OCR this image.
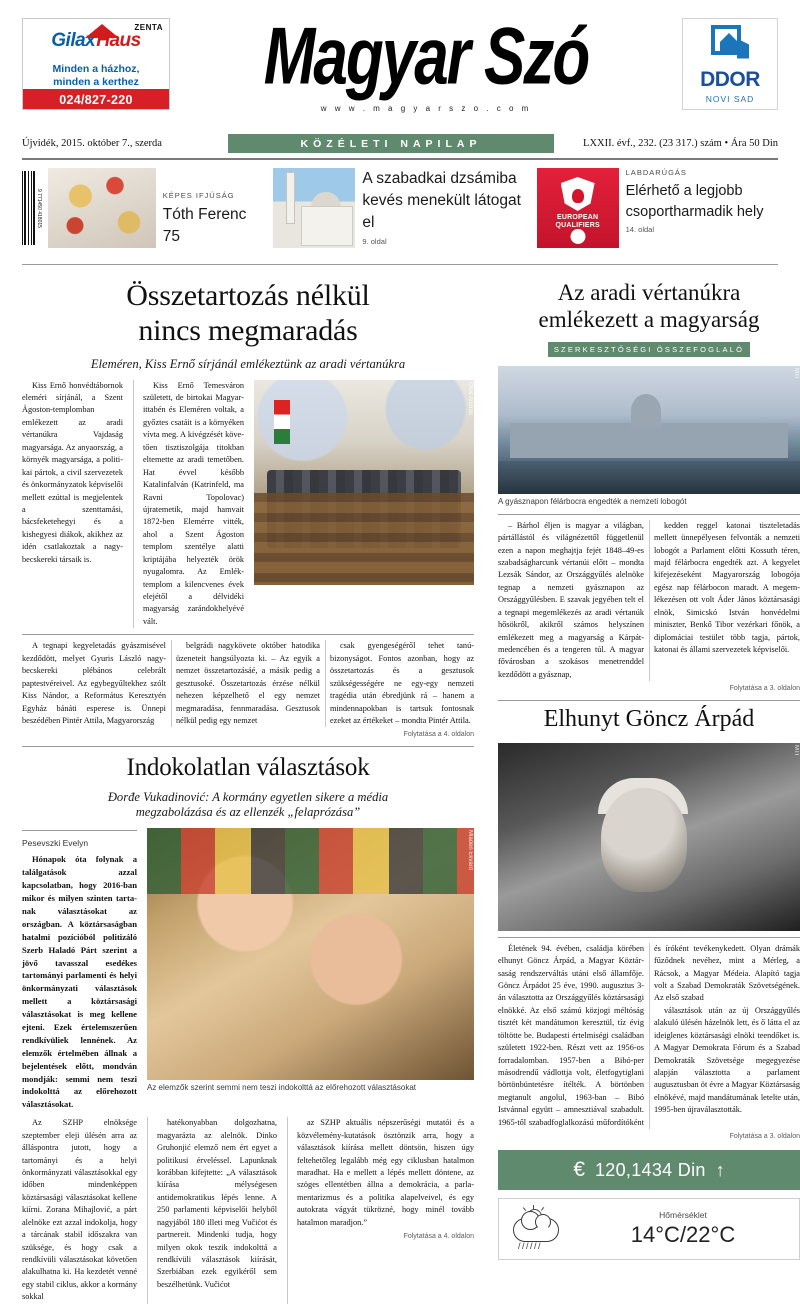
Gilax Haus
ZENTA
Minden a házhoz,
minden a kerthez
024/827-220 Magyar Szó
w w w . m a g y a r s z o . c o m
DDOR
NOVI SAD
Újvidék, 2015. október 7., szerda	KÖZÉLETI NAPILAP	LXXII. évf., 232. (23 317.) szám • Ára 50 Din
9 771450 418015	KÉPES IFJÚSÁG
Tóth Ferenc 75
A szabadkai dzsámiba kevés menekült látogat el
9. oldal
EUROPEAN
QUALIFIERS
LABDARÚGÁS
Elérhető a legjobb csoportharmadik hely
14. oldal
Összetartozás nélkül
nincs megmaradás
Eleméren, Kiss Ernő sírjánál emlékeztünk az aradi vértanúkra

Kiss Ernő honvédtábornok eleméri sírjánál, a Szent Ágoston-templomban emlékezett az aradi vértanúkra Vajdaság magyarsága. Az anyaország, a környék magyarsága, a politikai pártok, a civil szervezetek és önkormányzatok képviselői mellett ezúttal is megjelentek a szenttamási, bácsfeketehegyi és a kishegyesi diákok, akikhez az idén csatlakoztak a nagybecskereki társaik is.

Kiss Ernő Temesváron született, de birtokai Magyarittabén és Eleméren voltak, a győztes csatáit is a környéken vívta meg. A kivégzését követően tisztiszolgája titokban eltemette az aradi temetőben. Hat évvel később Katalinfalván (Katrinfeld, ma Ravni Topolovac) újratemetik, majd hamvait 1872-ben Elemérre vitték, ahol a Szent Ágoston templom szentélye alatti kriptájába helyezték örök nyugalomra. Az Emléktemplom a kilencvenes évek elejétől a délvidéki magyarság zarándokhelyévé vált.

Ótos András

A tegnapi kegyeletadás gyászmisével kezdődött, melyet Gyuris László nagybecskereki plébános celebrált paptestvéreivel. Az egybegyűltekhez szólt Kiss Nándor, a Református Keresztyén Egyház bánáti esperese is. Ünnepi beszédében Pintér Attila, Magyarország

belgrádi nagykövete október hatodika üzeneteit hangsúlyozta ki. – Az egyik a nemzet összetartozásáé, a másik pedig a gesztusoké. Összetartozás érzése nélkül nehezen képzelhető el egy nemzet megmaradása, fennmaradása. Gesztusok nélkül pedig egy nemzet

csak gyengeségéről tehet tanúbizonyságot. Fontos azonban, hogy az összetartozás és a gesztusok szükségességére ne egy-egy nemzeti tragédia után ébredjünk rá – hanem a mindennapokban is tartsuk fontosnak ezeket az értékeket – mondta Pintér Attila.

Folytatása a 4. oldalon
Indokolatlan választások
Đorđe Vukadinović: A kormány egyetlen sikere a média
megzabolázása és az ellenzék „felaprózása”
Pesevszki Evelyn

Hónapok óta folynak a találgatások azzal kapcsolatban, hogy 2016-ban mikor és milyen szinten tartanak választásokat az országban. A köztársaságban hatalmi pozícióból politizáló Szerb Haladó Párt szerint a jövő tavasszal esedékes tartományi parlamenti és helyi önkormányzati választások mellett a köztársasági választásokat is meg kellene ejteni. Ezek értelemszerűen rendkívüliek lennének. Az elemzők értelmében állnak a bejelentések előtt, mondván mondják: semmi nem teszi indokolttá az előrehozott választásokat.

Mladen Ekvard
Az elemzők szerint semmi nem teszi indokolttá az előrehozott választásokat

Az SZHP elnöksége szeptember eleji ülésén arra az álláspontra jutott, hogy a tartományi és a helyi önkormányzati választásokkal egy időben mindenképpen köztársasági választásokat kellene kiírni. Zorana Mihajlović, a párt alelnöke ezt azzal indokolja, hogy a tárcának stabil időszakra van szüksége, és hogy csak a rendkívüli választásokat követően alakulhatna ki. Ha kezdetét venné egy stabil ciklus, akkor a kormány sokkal

hatékonyabban dolgozhatna, magyarázta az alelnök. Dinko Gruhonjić elemző nem ért egyet a politikusi érveléssel. Lapunknak korábban kifejtette: „A választások kiírása mélységesen antidemokratikus lépés lenne. A 250 parlamenti képviselői helyből nagyjából 180 illeti meg Vučićot és partnereit. Mindenki tudja, hogy milyen okok teszik indokolttá a rendkívüli választások kiírását, Szerbiában ezek egyikéről sem beszélhetünk. Vučićot

az SZHP aktuális népszerűségi mutatói és a közvélemény-kutatások ösztönzik arra, hogy a választások kiírása mellett döntsön, hiszen úgy feltehetőleg legalább még egy ciklusban hatalmon maradhat. Ha e mellett a lépés mellett döntene, az szöges ellentétben állna a demokrácia, a parlamentarizmus és a politika alapelveivel, és egy autokrata vágyát tükrözné, hogy minél tovább hatalmon maradjon.”

Folytatása a 4. oldalon
Az aradi vértanúkra
emlékezett a magyarság
SZERKESZTŐSÉGI ÖSSZEFOGLALÓ
MTI
A gyásznapon félárbocra engedték a nemzeti lobogót

– Bárhol éljen is magyar a világban, pártállástól és világnézettől függetlenül ezen a napon meghajtja fejét 1848–49-es szabadságharcunk vértanúi előtt – mondta Lezsák Sándor, az Országgyűlés alelnöke tegnap a nemzeti gyásznapon az Országgyűlésben. E szavak jegyében telt el a tegnapi megemlékezés az aradi vértanúk hősökről, akikről számos helyszínen emlékezett meg a magyarság a Kárpát-medencében és a tengeren túl. A magyar fővárosban a szokásos menetrenddel kezdődött a gyásznap,

kedden reggel katonai tiszteletadás mellett ünnepélyesen felvonták a nemzeti lobogót a Parlament előtti Kossuth téren, majd félárbocra engedték azt. A kegyelet kifejezéseként Magyarország lobogója egész nap félárbocon maradt. A megemlékezésen ott volt Áder János köztársasági elnök, Simicskó István honvédelmi miniszter, Benkő Tibor vezérkari főnök, a diplomáciai testület több tagja, pártok, katonai és állami szervezetek képviselői.

Folytatása a 3. oldalon
Elhunyt Göncz Árpád
MTI

Életének 94. évében, családja körében elhunyt Göncz Árpád, a Magyar Köztársaság rendszerváltás utáni első államfője. Göncz Árpádot 25 éve, 1990. augusztus 3-án választotta az Országgyűlés köztársasági elnökké. Az első számú közjogi méltóság tisztét két mandátumon keresztül, tíz évig töltötte be. Budapesti értelmiségi családban született 1922-ben. Részt vett az 1956-os forradalomban. 1957-ben a Bibó-per másodrendű vádlottja volt, életfogytiglani börtönbüntetésre ítélték. A börtönben megtanult angolul, 1963-ban – Bibó Istvánnal együtt – amnesztiával szabadult. 1965-től szabadfoglalkozású műfordítóként és íróként tevékenykedett. Olyan drámák fűződnek nevéhez, mint a Mérleg, a Rácsok, a Magyar Médeia. Alapító tagja volt a Szabad Demokraták Szövetségének. Az első szabad

választások után az új Országgyűlés alakuló ülésén házelnök lett, és ő látta el az ideiglenes köztársasági elnöki teendőket is. A Magyar Demokrata Fórum és a Szabad Demokraták Szövetsége megegyezése alapján választotta a parlament augusztusban öt évre a Magyar Köztársaság elnökévé, majd mandátumának letelte után, 1995-ben újraválasztották.

Folytatása a 3. oldalon
€ 120,1434 Din ↑
//////
Hőmérséklet
14°C/22°C
